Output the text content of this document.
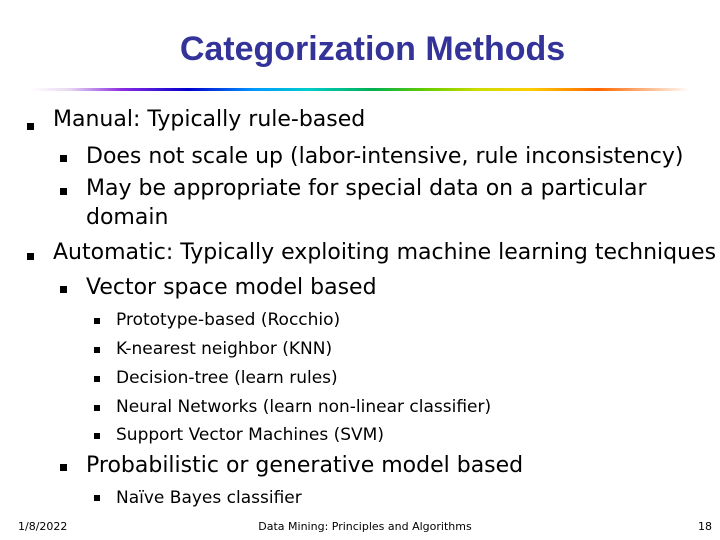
Categorization Methods
Manual: Typically rule-based
Does not scale up (labor-intensive, rule inconsistency)
May be appropriate for special data on a particular
domain
Automatic: Typically exploiting machine learning techniques
Vector space model based
Prototype-based (Rocchio)
K-nearest neighbor (KNN)
Decision-tree (learn rules)
Neural Networks (learn non-linear classifier)
Support Vector Machines (SVM)
Probabilistic or generative model based
Naïve Bayes classifier
1/8/2022	Data Mining: Principles and Algorithms	18
